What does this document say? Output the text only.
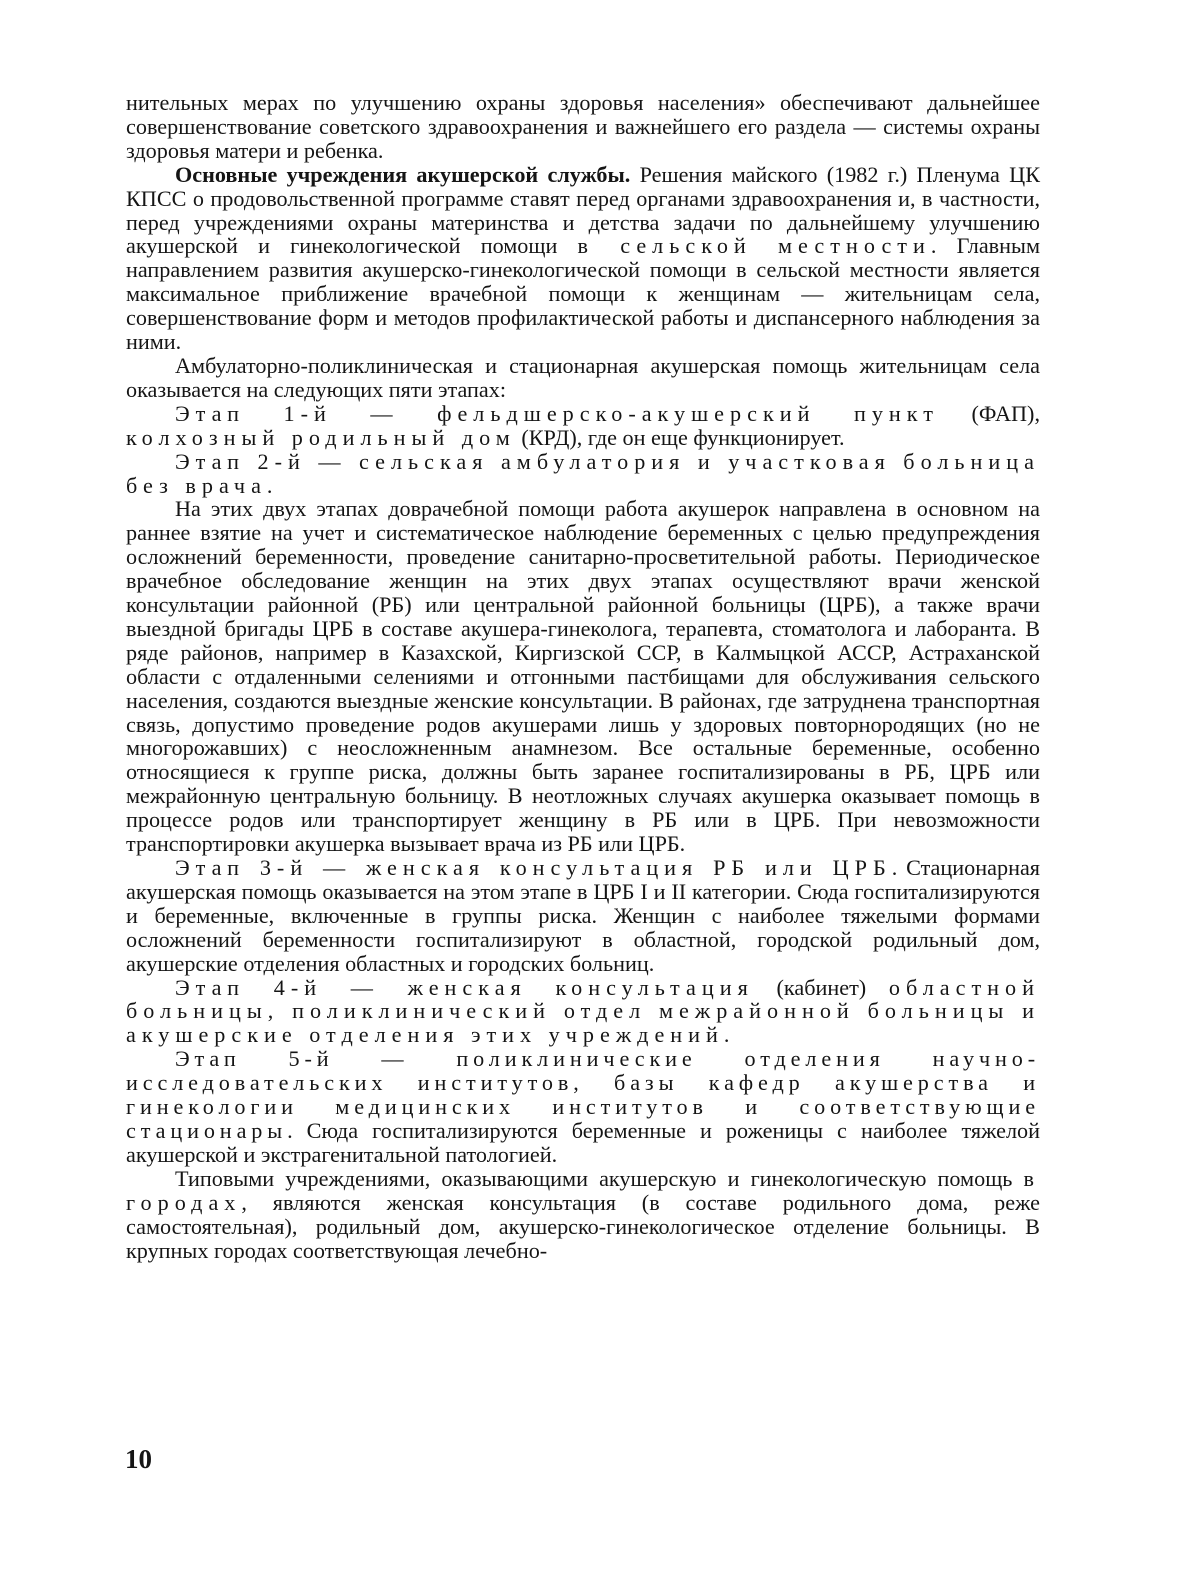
нительных мерах по улучшению охраны здоровья населения» обеспечивают дальнейшее совершенствование советского здравоохранения и важнейшего его раздела — системы охраны здоровья матери и ребенка.

Основные учреждения акушерской службы. Решения майского (1982 г.) Пленума ЦК КПСС о продовольственной программе ставят перед органами здравоохранения и, в частности, перед учреждениями охраны материнства и детства задачи по дальнейшему улучшению акушерской и гинекологической помощи в сельской местности. Главным направлением развития акушерско-гинекологической помощи в сельской местности является максимальное приближение врачебной помощи к женщинам — жительницам села, совершенствование форм и методов профилактической работы и диспансерного наблюдения за ними.

Амбулаторно-поликлиническая и стационарная акушерская помощь жительницам села оказывается на следующих пяти этапах:

Этап 1-й — фельдшерско-акушерский пункт (ФАП), колхозный родильный дом (КРД), где он еще функционирует.

Этап 2-й — сельская амбулатория и участковая больница без врача.

На этих двух этапах доврачебной помощи работа акушерок направлена в основном на раннее взятие на учет и систематическое наблюдение беременных с целью предупреждения осложнений беременности, проведение санитарно-просветительной работы. Периодическое врачебное обследование женщин на этих двух этапах осуществляют врачи женской консультации районной (РБ) или центральной районной больницы (ЦРБ), а также врачи выездной бригады ЦРБ в составе акушера-гинеколога, терапевта, стоматолога и лаборанта. В ряде районов, например в Казахской, Киргизской ССР, в Калмыцкой АССР, Астраханской области с отдаленными селениями и отгонными пастбищами для обслуживания сельского населения, создаются выездные женские консультации. В районах, где затруднена транспортная связь, допустимо проведение родов акушерами лишь у здоровых повторнородящих (но не многорожавших) с неосложненным анамнезом. Все остальные беременные, особенно относящиеся к группе риска, должны быть заранее госпитализированы в РБ, ЦРБ или межрайонную центральную больницу. В неотложных случаях акушерка оказывает помощь в процессе родов или транспортирует женщину в РБ или в ЦРБ. При невозможности транспортировки акушерка вызывает врача из РБ или ЦРБ.

Этап 3-й — женская консультация РБ или ЦРБ. Стационарная акушерская помощь оказывается на этом этапе в ЦРБ I и II категории. Сюда госпитализируются и беременные, включенные в группы риска. Женщин с наиболее тяжелыми формами осложнений беременности госпитализируют в областной, городской родильный дом, акушерские отделения областных и городских больниц.

Этап 4-й — женская консультация (кабинет) областной больницы, поликлинический отдел межрайонной больницы и акушерские отделения этих учреждений.

Этап 5-й — поликлинические отделения научно-исследовательских институтов, базы кафедр акушерства и гинекологии медицинских институтов и соответствующие стационары. Сюда госпитализируются беременные и роженицы с наиболее тяжелой акушерской и экстрагенитальной патологией.

Типовыми учреждениями, оказывающими акушерскую и гинекологическую помощь в городах, являются женская консультация (в составе родильного дома, реже самостоятельная), родильный дом, акушерско-гинекологическое отделение больницы. В крупных городах соответствующая лечебно-

10
